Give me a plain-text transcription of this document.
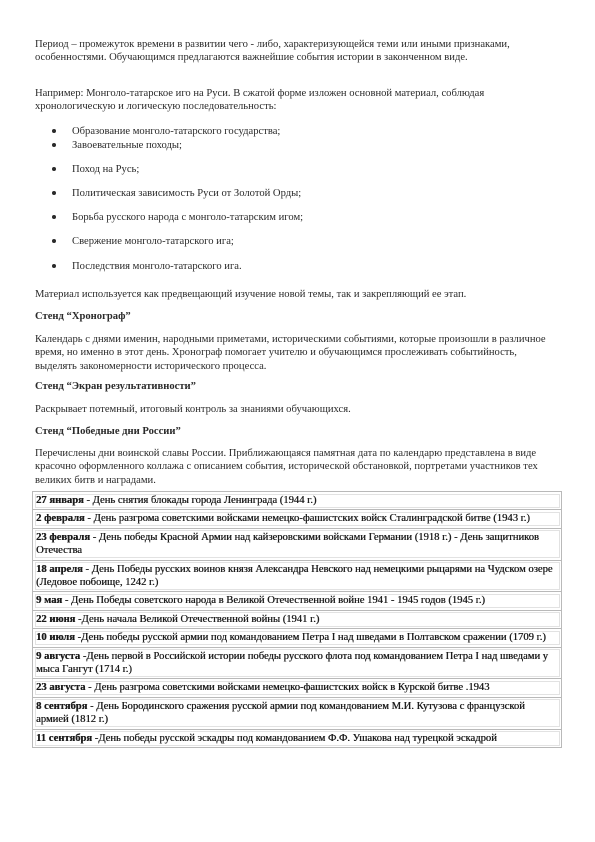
Период – промежуток времени в развитии чего - либо, характеризующейся теми или иными признаками, особенностями. Обучающимся предлагаются важнейшие события истории в законченном виде.

Например: Монголо-татарское иго на Руси. В сжатой форме изложен основной материал, соблюдая хронологическую и логическую последовательность:

Образование монголо-татарского государства;
Завоевательные походы;
Поход на Русь;
Политическая зависимость Руси от Золотой Орды;
Борьба русского народа с монголо-татарским игом;
Свержение монголо-татарского ига;
Последствия монголо-татарского ига.

Материал используется как предвещающий изучение новой темы, так и закрепляющий ее этап.

Стенд “Хронограф”

Календарь с днями именин, народными приметами, историческими событиями, которые произошли в различное время, но именно в этот день. Хронограф помогает учителю и обучающимся прослеживать событийность, выделять закономерности исторического процесса.

Стенд “Экран результативности”

Раскрывает потемный, итоговый контроль за знаниями обучающихся.

Стенд “Победные дни России”

Перечислены дни воинской славы России. Приближающаяся памятная дата по календарю представлена в виде красочно оформленного коллажа с описанием события, исторической обстановкой, портретами участников тех великих битв и наградами.

27 января - День снятия блокады города Ленинграда (1944 г.)
2 февраля - День разгрома советскими войсками немецко-фашистских войск Сталинградской битве (1943 г.)
23 февраля - День победы Красной Армии над кайзеровскими войсками Германии (1918 г.) - День защитников Отечества
18 апреля - День Победы русских воинов князя Александра Невского над немецкими рыцарями на Чудском озере (Ледовое побоище, 1242 г.)
9 мая - День Победы советского народа в Великой Отечественной войне 1941 - 1945 годов (1945 г.)
22 июня -День начала Великой Отечественной войны (1941 г.)
10 июля -День победы русской армии под командованием Петра I над шведами в Полтавском сражении (1709 г.)
9 августа -День первой в Российской истории победы русского флота под командованием Петра I над шведами у мыса Гангут (1714 г.)
23 августа - День разгрома советскими войсками немецко-фашистских войск в Курской битве .1943
8 сентября - День Бородинского сражения русской армии под командованием М.И. Кутузова с французской армией (1812 г.)
11 сентября -День победы русской эскадры под командованием Ф.Ф. Ушакова над турецкой эскадрой
